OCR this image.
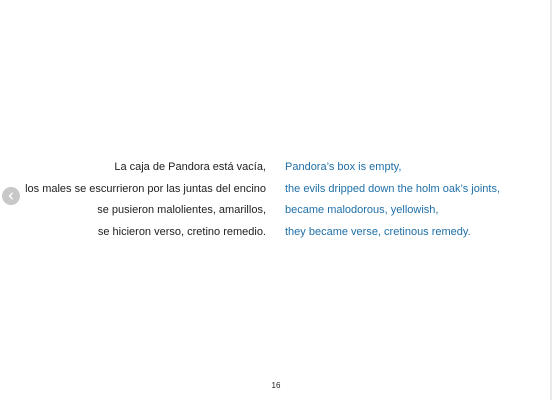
La caja de Pandora está vacía,
los males se escurrieron por las juntas del encino
se pusieron malolientes, amarillos,
se hicieron verso, cretino remedio.
Pandora’s box is empty,
the evils dripped down the holm oak’s joints,
became malodorous, yellowish,
they became verse, cretinous remedy.
16
